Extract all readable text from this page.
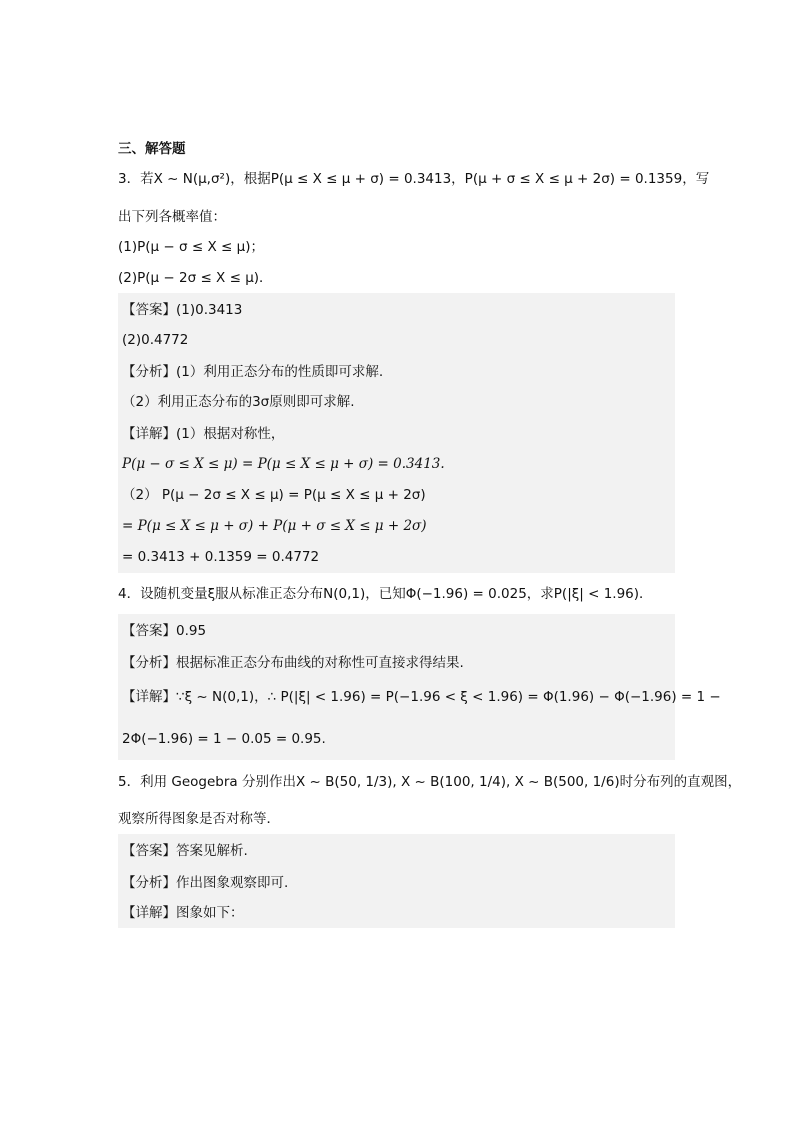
三、解答题
3．若X ~ N(μ,σ²)，根据P(μ ≤ X ≤ μ + σ) = 0.3413，P(μ + σ ≤ X ≤ μ + 2σ) = 0.1359，写
出下列各概率值：
(1)P(μ − σ ≤ X ≤ μ)；
(2)P(μ − 2σ ≤ X ≤ μ)．
【答案】(1)0.3413
(2)0.4772
【分析】(1）利用正态分布的性质即可求解.
（2）利用正态分布的3σ原则即可求解.
【详解】(1）根据对称性，
P(μ − σ ≤ X ≤ μ) = P(μ ≤ X ≤ μ + σ) = 0.3413.
（2） P(μ − 2σ ≤ X ≤ μ) = P(μ ≤ X ≤ μ + 2σ)
= P(μ ≤ X ≤ μ + σ) + P(μ + σ ≤ X ≤ μ + 2σ)
= 0.3413 + 0.1359 = 0.4772
4．设随机变量ξ服从标准正态分布N(0,1)，已知Φ(−1.96) = 0.025，求P(|ξ| < 1.96)．
【答案】0.95
【分析】根据标准正态分布曲线的对称性可直接求得结果.
【详解】∵ξ ~ N(0,1)，∴ P(|ξ| < 1.96) = P(−1.96 < ξ < 1.96) = Φ(1.96) − Φ(−1.96) = 1 −
2Φ(−1.96) = 1 − 0.05 = 0.95.
5．利用 Geogebra 分别作出X ~ B(50, 1/3), X ~ B(100, 1/4), X ~ B(500, 1/6)时分布列的直观图，
观察所得图象是否对称等．
【答案】答案见解析.
【分析】作出图象观察即可.
【详解】图象如下：
